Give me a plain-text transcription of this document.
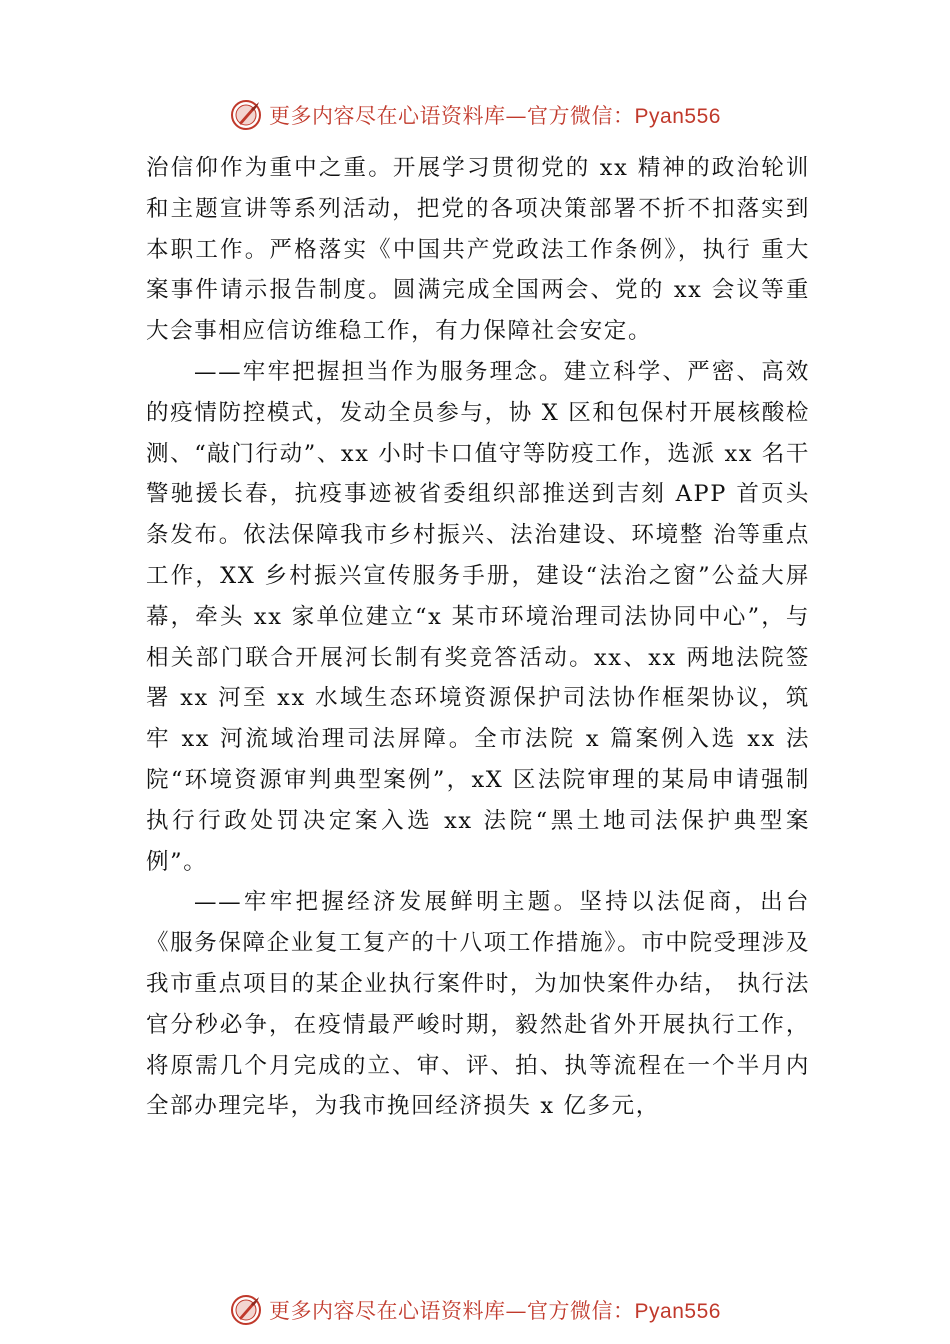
更多内容尽在心语资料库—官方微信：Pyan556

治信仰作为重中之重。开展学习贯彻党的 xx 精神的政治轮训和主题宣讲等系列活动，把党的各项决策部署不折不扣落实到本职工作。严格落实《中国共产党政法工作条例》，执行 重大案事件请示报告制度。圆满完成全国两会、党的 xx 会议等重大会事相应信访维稳工作，有力保障社会安定。

——牢牢把握担当作为服务理念。建立科学、严密、高效的疫情防控模式，发动全员参与，协 X 区和包保村开展核酸检测、“敲门行动”、xx 小时卡口值守等防疫工作，选派 xx 名干警驰援长春，抗疫事迹被省委组织部推送到吉刻 APP 首页头条发布。依法保障我市乡村振兴、法治建设、环境整 治等重点工作，XX 乡村振兴宣传服务手册，建设“法治之窗”公益大屏幕，牵头 xx 家单位建立“x 某市环境治理司法协同中心”，与相关部门联合开展河长制有奖竞答活动。xx、xx 两地法院签署 xx 河至 xx 水域生态环境资源保护司法协作框架协议，筑牢 xx 河流域治理司法屏障。全市法院 x 篇案例入选 xx 法院“环境资源审判典型案例”，xX 区法院审理的某局申请强制执行行政处罚决定案入选 xx 法院“黑土地司法保护典型案例”。

——牢牢把握经济发展鲜明主题。坚持以法促商，出台《服务保障企业复工复产的十八项工作措施》。市中院受理涉及我市重点项目的某企业执行案件时，为加快案件办结， 执行法官分秒必争，在疫情最严峻时期，毅然赴省外开展执行工作，将原需几个月完成的立、审、评、拍、执等流程在一个半月内全部办理完毕，为我市挽回经济损失 x 亿多元，

更多内容尽在心语资料库—官方微信：Pyan556
